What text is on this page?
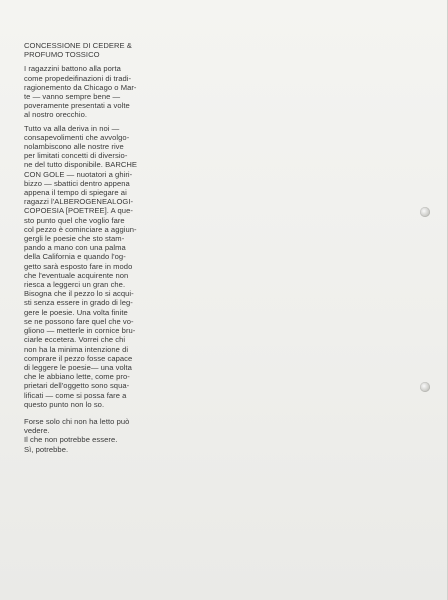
CONCESSIONE DI CEDERE &
PROFUMO TOSSICO

I ragazzini battono alla porta
come propedeifinazioni di tradi-
ragionemento da Chicago o Mar-
te — vanno sempre bene —
poveramente presentati a volte
al nostro orecchio.

Tutto va alla deriva in noi —
consapevolimenti che avvolgo-
nolambiscono alle nostre rive
per limitati concetti di diversio-
ne del tutto disponibile. BARCHE
CON GOLE — nuotatori a ghiri-
bizzo — sbattici dentro appena
appena il tempo di spiegare ai
ragazzi l'ALBEROGENEALOGI-
COPOESIA [POETREE]. A que-
sto punto quel che voglio fare
col pezzo è cominciare a aggiun-
gergli le poesie che sto stam-
pando a mano con una palma
della California e quando l'og-
getto sarà esposto fare in modo
che l'eventuale acquirente non
riesca a leggerci un gran che.
Bisogna che il pezzo lo si acqui-
sti senza essere in grado di leg-
gere le poesie. Una volta finite
se ne possono fare quel che vo-
gliono — metterle in cornice bru-
ciarle eccetera. Vorrei che chi
non ha la minima intenzione di
comprare il pezzo fosse capace
di leggere le poesie— una volta
che le abbiano lette, come pro-
prietari dell'oggetto sono squa-
lificati — come si possa fare a
questo punto non lo so.

Forse solo chi non ha letto può
vedere.
Il che non potrebbe essere.
Sì, potrebbe.
